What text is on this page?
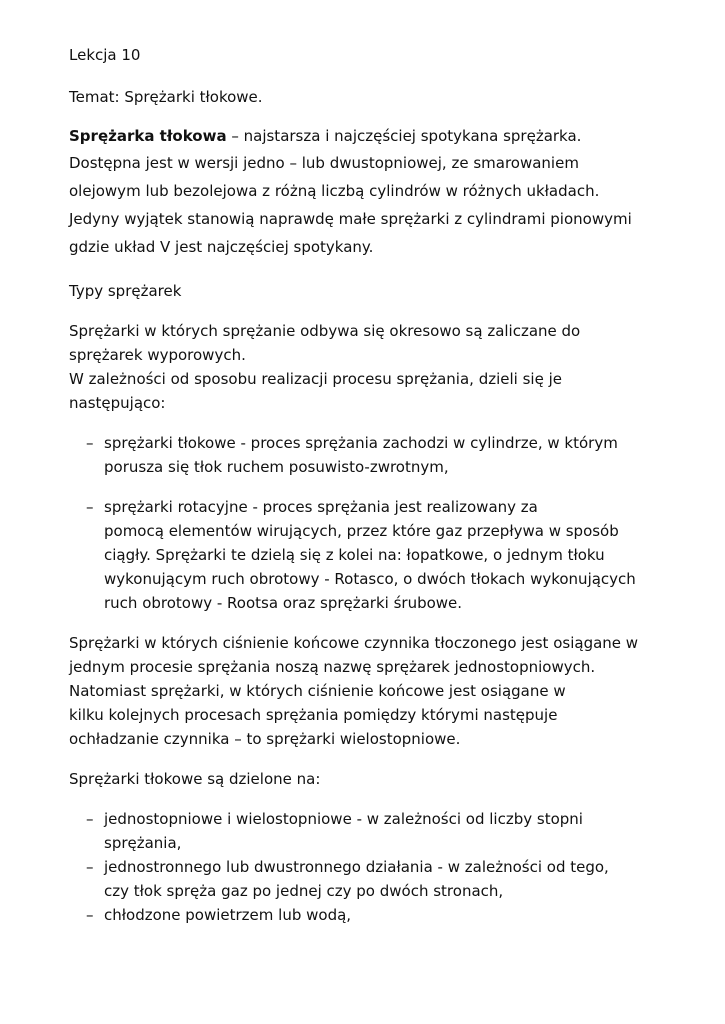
Lekcja 10
Temat: Sprężarki tłokowe.
Sprężarka tłokowa – najstarsza i najczęściej spotykana sprężarka.
Dostępna jest w wersji jedno – lub dwustopniowej, ze smarowaniem
olejowym lub bezolejowa z różną liczbą cylindrów w różnych układach.
Jedyny wyjątek stanowią naprawdę małe sprężarki z cylindrami pionowymi
gdzie układ V jest najczęściej spotykany.
Typy sprężarek
Sprężarki w których sprężanie odbywa się okresowo są zaliczane do
sprężarek wyporowych.
W zależności od sposobu realizacji procesu sprężania, dzieli się je
następująco:
– sprężarki tłokowe - proces sprężania zachodzi w cylindrze, w którym
porusza się tłok ruchem posuwisto-zwrotnym,
– sprężarki rotacyjne - proces sprężania jest realizowany za
pomocą elementów wirujących, przez które gaz przepływa w sposób
ciągły. Sprężarki te dzielą się z kolei na: łopatkowe, o jednym tłoku
wykonującym ruch obrotowy - Rotasco, o dwóch tłokach wykonujących
ruch obrotowy - Rootsa oraz sprężarki śrubowe.
Sprężarki w których ciśnienie końcowe czynnika tłoczonego jest osiągane w
jednym procesie sprężania noszą nazwę sprężarek jednostopniowych.
Natomiast sprężarki, w których ciśnienie końcowe jest osiągane w
kilku kolejnych procesach sprężania pomiędzy którymi następuje
ochładzanie czynnika – to sprężarki wielostopniowe.
Sprężarki tłokowe są dzielone na:
– jednostopniowe i wielostopniowe - w zależności od liczby stopni
sprężania,
– jednostronnego lub dwustronnego działania - w zależności od tego,
czy tłok spręża gaz po jednej czy po dwóch stronach,
– chłodzone powietrzem lub wodą,
